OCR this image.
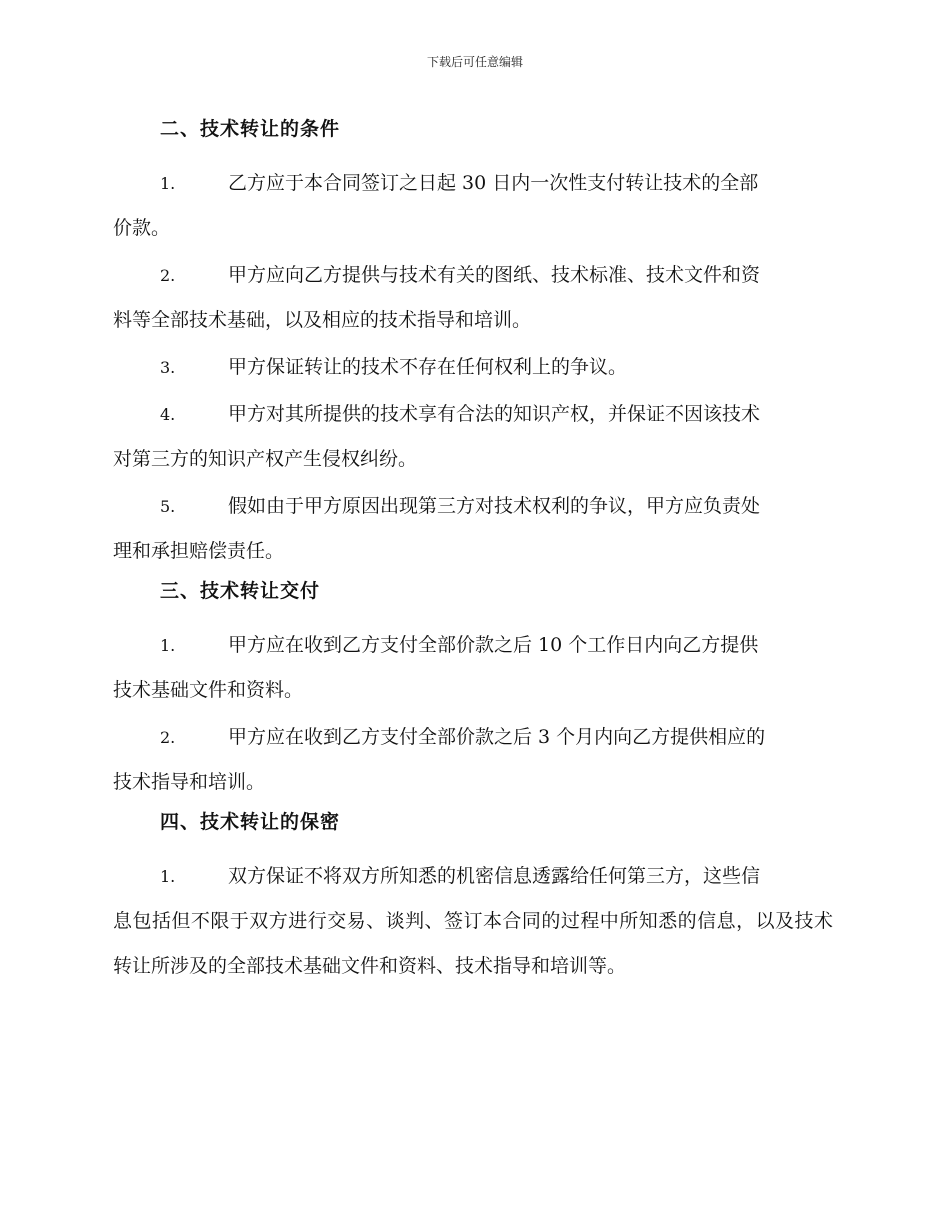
下载后可任意编辑
二、技术转让的条件
1.	乙方应于本合同签订之日起 30 日内一次性支付转让技术的全部
价款。
2.	甲方应向乙方提供与技术有关的图纸、技术标准、技术文件和资
料等全部技术基础，以及相应的技术指导和培训。
3.	甲方保证转让的技术不存在任何权利上的争议。
4.	甲方对其所提供的技术享有合法的知识产权，并保证不因该技术
对第三方的知识产权产生侵权纠纷。
5.	假如由于甲方原因出现第三方对技术权利的争议，甲方应负责处
理和承担赔偿责任。
三、技术转让交付
1.	甲方应在收到乙方支付全部价款之后 10 个工作日内向乙方提供
技术基础文件和资料。
2.	甲方应在收到乙方支付全部价款之后 3 个月内向乙方提供相应的
技术指导和培训。
四、技术转让的保密
1.	双方保证不将双方所知悉的机密信息透露给任何第三方，这些信
息包括但不限于双方进行交易、谈判、签订本合同的过程中所知悉的信息，以及技术转让所涉及的全部技术基础文件和资料、技术指导和培训等。
